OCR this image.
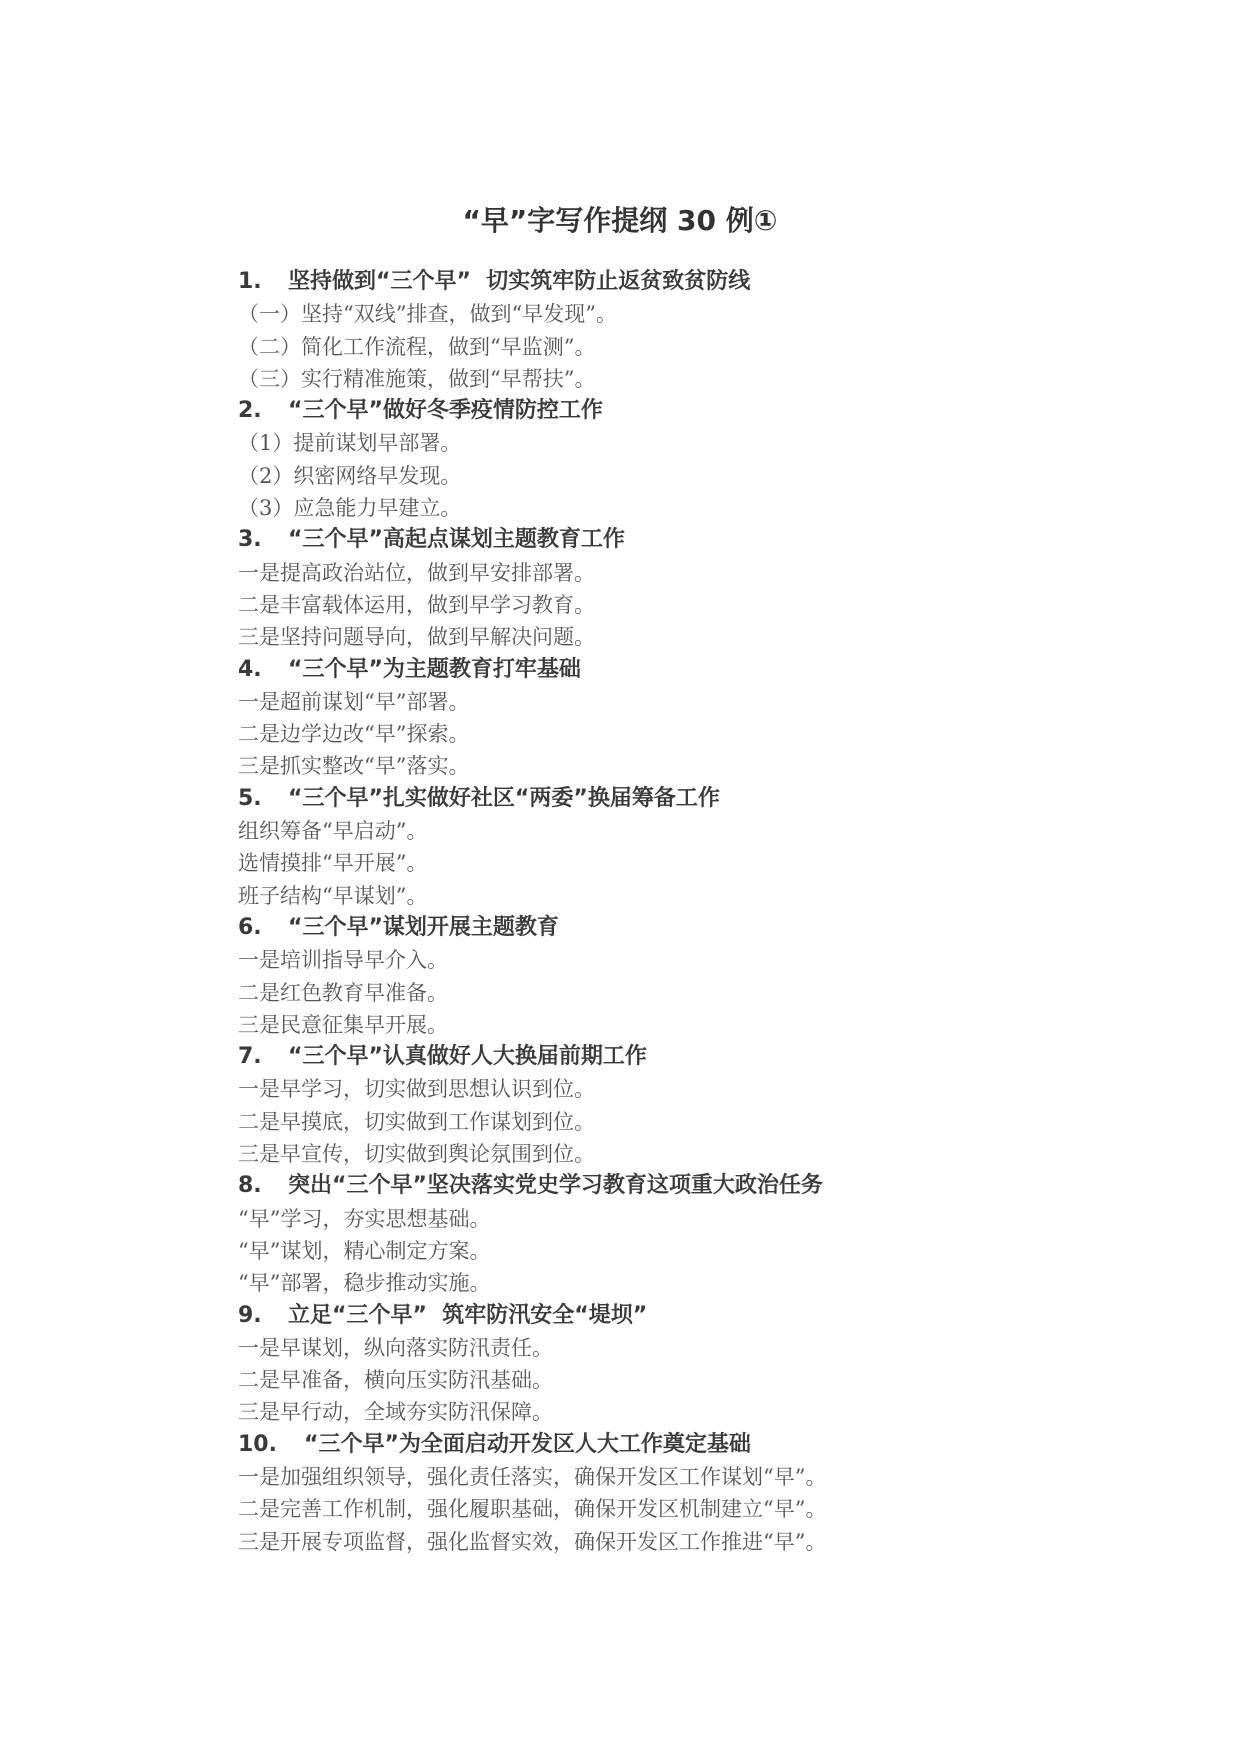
“早”字写作提纲 30 例①
1. 坚持做到“三个早”  切实筑牢防止返贫致贫防线
（一）坚持“双线”排查，做到“早发现”。
（二）简化工作流程，做到“早监测”。
（三）实行精准施策，做到“早帮扶”。
2. “三个早”做好冬季疫情防控工作
（1）提前谋划早部署。
（2）织密网络早发现。
（3）应急能力早建立。
3. “三个早”高起点谋划主题教育工作
一是提高政治站位，做到早安排部署。
二是丰富载体运用，做到早学习教育。
三是坚持问题导向，做到早解决问题。
4. “三个早”为主题教育打牢基础
一是超前谋划“早”部署。
二是边学边改“早”探索。
三是抓实整改“早”落实。
5. “三个早”扎实做好社区“两委”换届筹备工作
组织筹备“早启动”。
选情摸排“早开展”。
班子结构“早谋划”。
6. “三个早”谋划开展主题教育
一是培训指导早介入。
二是红色教育早准备。
三是民意征集早开展。
7. “三个早”认真做好人大换届前期工作
一是早学习，切实做到思想认识到位。
二是早摸底，切实做到工作谋划到位。
三是早宣传，切实做到舆论氛围到位。
8. 突出“三个早”坚决落实党史学习教育这项重大政治任务
“早”学习，夯实思想基础。
“早”谋划，精心制定方案。
“早”部署，稳步推动实施。
9. 立足“三个早”  筑牢防汛安全“堤坝”
一是早谋划，纵向落实防汛责任。
二是早准备，横向压实防汛基础。
三是早行动，全域夯实防汛保障。
10. “三个早”为全面启动开发区人大工作奠定基础
一是加强组织领导，强化责任落实，确保开发区工作谋划“早”。
二是完善工作机制，强化履职基础，确保开发区机制建立“早”。
三是开展专项监督，强化监督实效，确保开发区工作推进“早”。
